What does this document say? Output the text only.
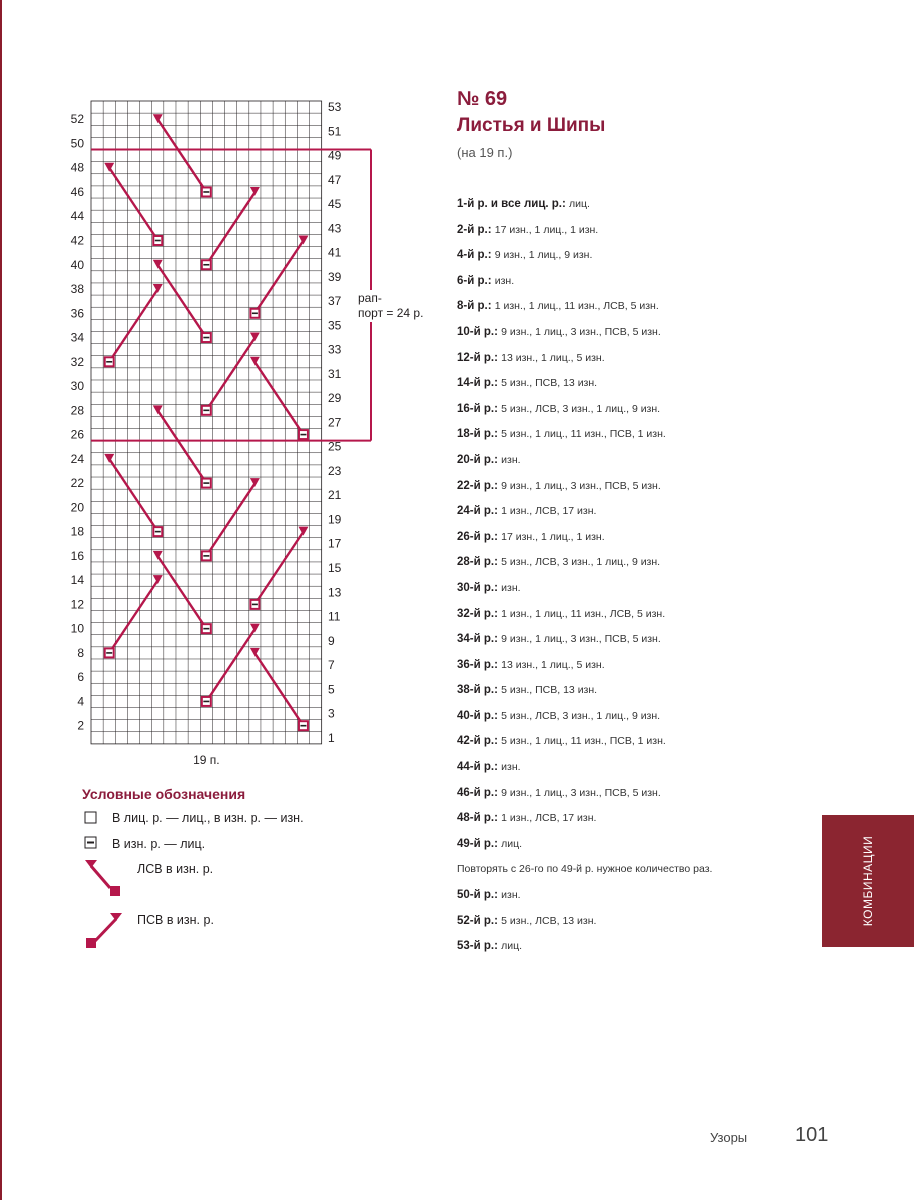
52
50
48
46
44
42
40
38
36
34
32
30
28
26
24
22
20
18
16
14
12
10
8
6
4
2
53
51
49
47
45
43
41
39
37
35
33
31
29
27
25
23
21
19
17
15
13
11
9
7
5
3
1
19 п.
рап-
порт = 24 р.
№ 69
Листья и Шипы
(на 19 п.)
1-й р. и все лиц. р.: лиц.
2-й р.: 17 изн., 1 лиц., 1 изн.
4-й р.: 9 изн., 1 лиц., 9 изн.
6-й р.: изн.
8-й р.: 1 изн., 1 лиц., 11 изн., ЛСВ, 5 изн.
10-й р.: 9 изн., 1 лиц., 3 изн., ПСВ, 5 изн.
12-й р.: 13 изн., 1 лиц., 5 изн.
14-й р.: 5 изн., ПСВ, 13 изн.
16-й р.: 5 изн., ЛСВ, 3 изн., 1 лиц., 9 изн.
18-й р.: 5 изн., 1 лиц., 11 изн., ПСВ, 1 изн.
20-й р.: изн.
22-й р.: 9 изн., 1 лиц., 3 изн., ПСВ, 5 изн.
24-й р.: 1 изн., ЛСВ, 17 изн.
26-й р.: 17 изн., 1 лиц., 1 изн.
28-й р.: 5 изн., ЛСВ, 3 изн., 1 лиц., 9 изн.
30-й р.: изн.
32-й р.: 1 изн., 1 лиц., 11 изн., ЛСВ, 5 изн.
34-й р.: 9 изн., 1 лиц., 3 изн., ПСВ, 5 изн.
36-й р.: 13 изн., 1 лиц., 5 изн.
38-й р.: 5 изн., ПСВ, 13 изн.
40-й р.: 5 изн., ЛСВ, 3 изн., 1 лиц., 9 изн.
42-й р.: 5 изн., 1 лиц., 11 изн., ПСВ, 1 изн.
44-й р.: изн.
46-й р.: 9 изн., 1 лиц., 3 изн., ПСВ, 5 изн.
48-й р.: 1 изн., ЛСВ, 17 изн.
49-й р.: лиц.
Повторять с 26-го по 49-й р. нужное количество раз.
50-й р.: изн.
52-й р.: 5 изн., ЛСВ, 13 изн.
53-й р.: лиц.
Условные обозначения
В лиц. р. — лиц., в изн. р. — изн.
В изн. р. — лиц.
ЛСВ в изн. р.
ПСВ в изн. р.	КОМБИНАЦИИ
Узоры 101
